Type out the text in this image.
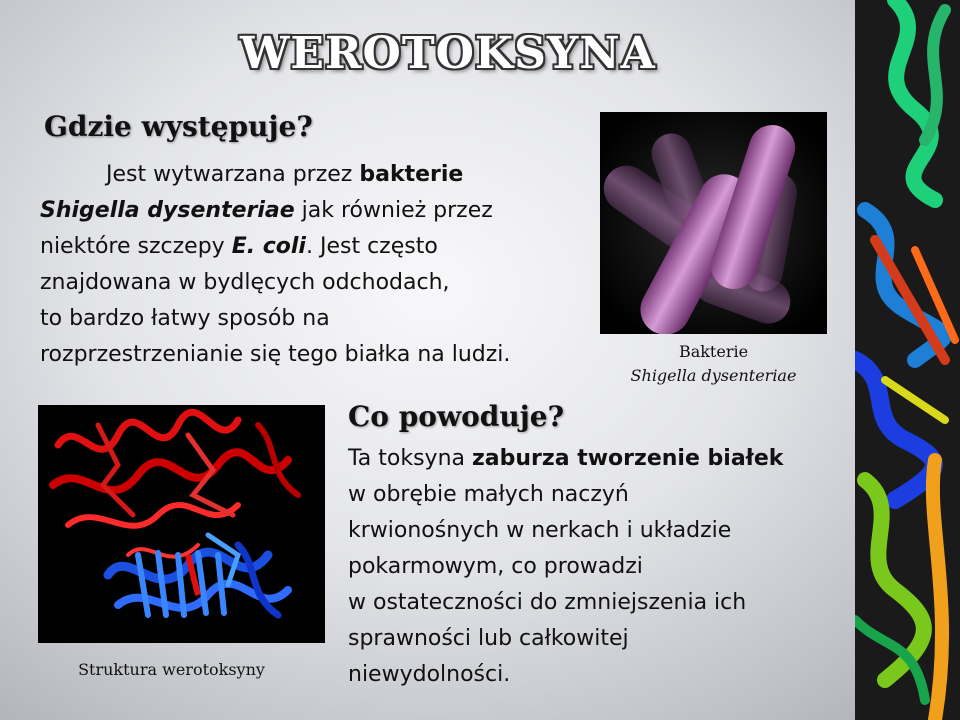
WEROTOKSYNA
Gdzie występuje?

Jest wytwarzana przez bakterie

Shigella dysenteriae jak również przez

niektóre szczepy E. coli. Jest często

znajdowana w bydlęcych odchodach,

to bardzo łatwy sposób na

rozprzestrzenianie się tego białka na ludzi.	Bakterie
Shigella dysenteriae
Struktura werotoksyny
Co powoduje?

Ta toksyna zaburza tworzenie białek

w obrębie małych naczyń

krwionośnych w nerkach i układzie

pokarmowym, co prowadzi

w ostateczności do zmniejszenia ich

sprawności lub całkowitej

niewydolności.
